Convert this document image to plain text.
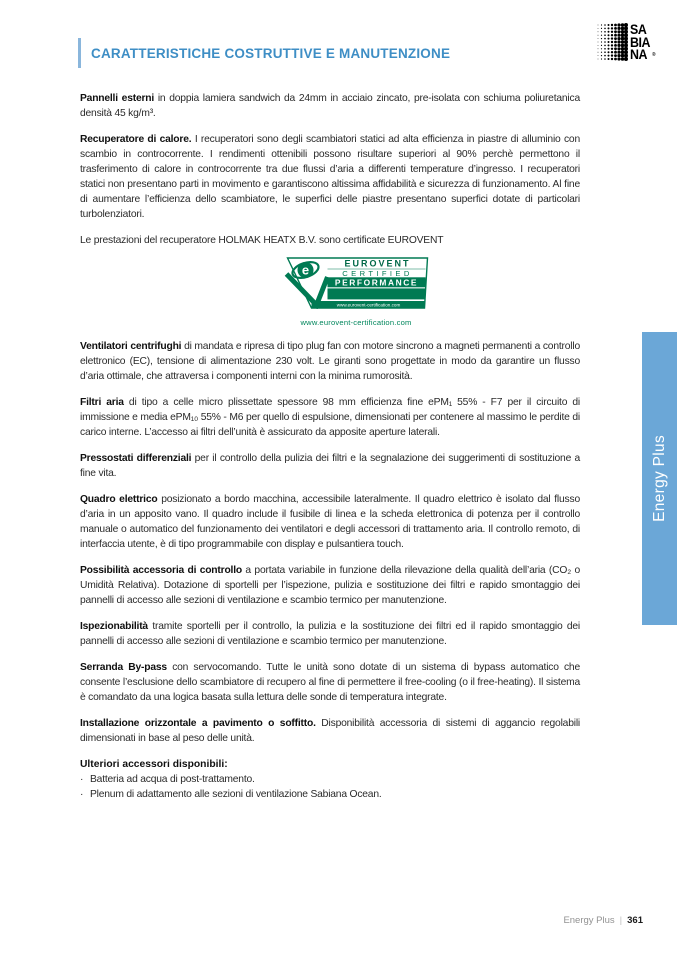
CARATTERISTICHE COSTRUTTIVE E MANUTENZIONE
SA
BIA
NA	®

Pannelli esterni in doppia lamiera sandwich da 24mm in acciaio zincato, pre-isolata con schiuma poliuretanica densità 45 kg/m³.

Recuperatore di calore. I recuperatori sono degli scambiatori statici ad alta efficienza in piastre di alluminio con scambio in controcorrente. I rendimenti ottenibili possono risultare superiori al 90% perchè permettono il trasferimento di calore in controcorrente tra due flussi d’aria a differenti temperature d’ingresso. I recuperatori statici non presentano parti in movimento e garantiscono altissima affidabilità e sicurezza di funzionamento. Al fine di aumentare l’efficienza dello scambiatore, le superfici delle piastre presentano superfici dotate di particolari turbolenziatori.

Le prestazioni del recuperatore HOLMAK HEATX B.V. sono certificate EUROVENT

e	EUROVENT
CERTIFIED
PERFORMANCE
www.eurovent-certification.com
www.eurovent-certification.com

Ventilatori centrifughi di mandata e ripresa di tipo plug fan con motore sincrono a magneti permanenti a controllo elettronico (EC), tensione di alimentazione 230 volt. Le giranti sono progettate in modo da garantire un flusso d’aria ottimale, che attraversa i componenti interni con la minima rumorosità.

Filtri aria di tipo a celle micro plissettate spessore 98 mm efficienza fine ePM₁ 55% - F7 per il circuito di immissione e media ePM₁₀ 55% - M6 per quello di espulsione, dimensionati per contenere al massimo le perdite di carico interne. L’accesso ai filtri dell’unità è assicurato da apposite aperture laterali.

Pressostati differenziali per il controllo della pulizia dei filtri e la segnalazione dei suggerimenti di sostituzione a fine vita.

Quadro elettrico posizionato a bordo macchina, accessibile lateralmente. Il quadro elettrico è isolato dal flusso d’aria in un apposito vano. Il quadro include il fusibile di linea e la scheda elettronica di potenza per il controllo manuale o automatico del funzionamento dei ventilatori e degli accessori di trattamento aria. Il controllo remoto, di interfaccia utente, è di tipo programmabile con display e pulsantiera touch.

Possibilità accessoria di controllo a portata variabile in funzione della rilevazione della qualità dell’aria (CO₂ o Umidità Relativa). Dotazione di sportelli per l’ispezione, pulizia e sostituzione dei filtri e rapido smontaggio dei pannelli di accesso alle sezioni di ventilazione e scambio termico per manutenzione.

Ispezionabilità tramite sportelli per il controllo, la pulizia e la sostituzione dei filtri ed il rapido smontaggio dei pannelli di accesso alle sezioni di ventilazione e scambio termico per manutenzione.

Serranda By-pass con servocomando. Tutte le unità sono dotate di un sistema di bypass automatico che consente l’esclusione dello scambiatore di recupero al fine di permettere il free-cooling (o il free-heating). Il sistema è comandato da una logica basata sulla lettura delle sonde di temperatura integrate.

Installazione orizzontale a pavimento o soffitto. Disponibilità accessoria di sistemi di aggancio regolabili dimensionati in base al peso delle unità.

Ulteriori accessori disponibili:

· Batteria ad acqua di post-trattamento.
· Plenum di adattamento alle sezioni di ventilazione Sabiana Ocean.
Energy Plus
Energy Plus | 361
